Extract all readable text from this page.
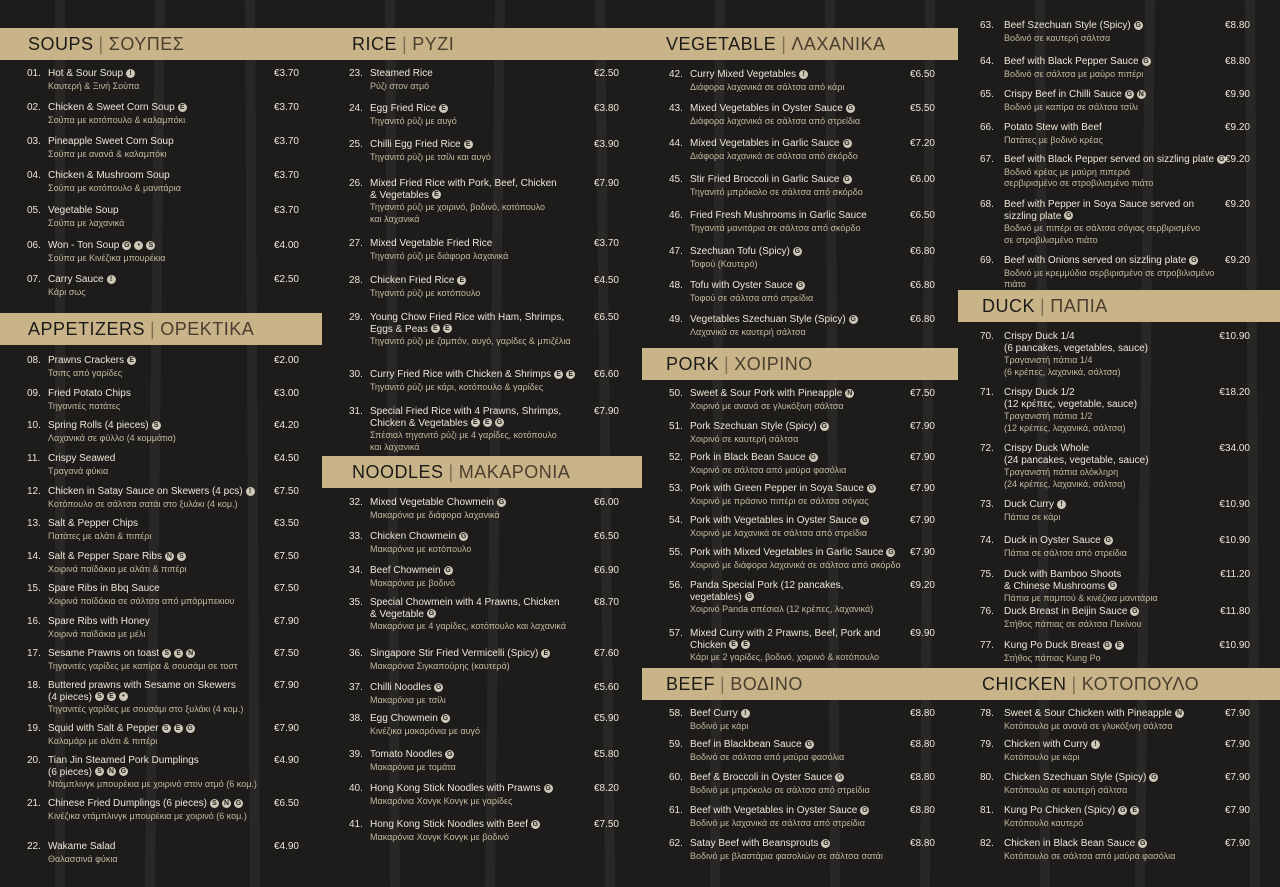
SOUPS | ΣΟΥΠΕΣ
01. Hot & Sour Soup !
Καυτερή & Ξινή Σούπα
€3.70
02. Chicken & Sweet Corn Soup E
Σούπα με κοτόπουλο & καλαμπόκι
€3.70
03. Pineapple Sweet Corn Soup
Σούπα με ανανά & καλαμπόκι
€3.70
04. Chicken & Mushroom Soup
Σούπα με κοτόπουλο & μανιτάρια
€3.70
05. Vegetable Soup
Σούπα με λαχανικά
€3.70
06. Won - Ton Soup G • S
Σούπα με Κινέζικα μπουρέκια
€4.00
07. Carry Sauce !
Κάρι σως
€2.50
APPETIZERS | ΟΡΕΚΤΙΚΑ
08. Prawns Crackers E
Τσιπς από γαρίδες
€2.00
09. Fried Potato Chips
Τηγανιτές πατάτες
€3.00
10. Spring Rolls (4 pieces) S
Λαχανικά σε φύλλο (4 κομμάτια)
€4.20
11. Crispy Seawed
Τραγανά φύκια
€4.50
12. Chicken in Satay Sauce on Skewers (4 pcs) !
Κοτόπουλο σε σάλτσα σατάι στο ξυλάκι (4 κομ.)
€7.50
13. Salt & Pepper Chips
Πατάτες με αλάτι & πιπέρι
€3.50
14. Salt & Pepper Spare Ribs N S
Χοιρινά παϊδάκια με αλάτι & πιπέρι
€7.50
15. Spare Ribs in Bbq Sauce
Χοιρινά παϊδάκια σε σάλτσα από μπάρμπεκιου
€7.50
16. Spare Ribs with Honey
Χοιρινά παϊδάκια με μέλι
€7.90
17. Sesame Prawns on toast S E N
Τηγανιτές γαρίδες με καπίρα & σουσάμι σε τοστ
€7.50
18. Buttered prawns with Sesame on Skewers
(4 pieces) S E •
Τηγανιτές γαρίδες με σουσάμι στο ξυλάκι (4 κομ.)
€7.90
19. Squid with Salt & Pepper S E G
Καλαμάρι με αλάτι & πιπέρι
€7.90
20. Tian Jin Steamed Pork Dumplings
(6 pieces) S N G
Ντάμπλινγκ μπουρέκια με χοιρινό στον ατμό (6 κομ.)
€4.90
21. Chinese Fried Dumplings (6 pieces) S N G
Κινέζικα ντάμπλινγκ μπουρέκια με χοιρινό (6 κομ.)
€6.50
22. Wakame Salad
Θαλασσινά φύκια
€4.90
RICE | ΡΥΖΙ
23. Steamed Rice
Ρύζι στον ατμό
€2.50
24. Egg Fried Rice E
Τηγανιτό ρύζι με αυγό
€3.80
25. Chilli Egg Fried Rice E
Τηγανιτό ρύζι με τσίλι και αυγό
€3.90
26. Mixed Fried Rice with Pork, Beef, Chicken
& Vegetables E
Τηγανιτό ρύζι με χοιρινό, βοδινό, κοτόπουλο
και λαχανικά
€7.90
27. Mixed Vegetable Fried Rice
Τηγανιτό ρύζι με διάφορα λαχανικά
€3.70
28. Chicken Fried Rice E
Τηγανιτό ρύζι με κοτόπουλο
€4.50
29. Young Chow Fried Rice with Ham, Shrimps,
Eggs & Peas E E
Τηγανιτό ρύζι με ζαμπόν, αυγό, γαρίδες & μπιζέλια
€6.50
30. Curry Fried Rice with Chicken & Shrimps E E
Τηγανιτό ρύζι με κάρι, κοτόπουλο & γαρίδες
€6.60
31. Special Fried Rice with 4 Prawns, Shrimps,
Chicken & Vegetables E E G
Σπέσιαλ τηγανιτό ρύζι με 4 γαρίδες, κοτόπουλο
και λαχανικά
€7.90
NOODLES | ΜΑΚΑΡΟΝΙΑ
32. Mixed Vegetable Chowmein G
Μακαρόνια με διάφορα λαχανικά
€6.00
33. Chicken Chowmein G
Μακαρόνια με κοτόπουλο
€6.50
34. Beef Chowmein G
Μακαρόνια με βοδινό
€6.90
35. Special Chowmein with 4 Prawns, Chicken
& Vegetable G
Μακαρόνια με 4 γαρίδες, κοτόπουλο και λαχανικά
€8.70
36. Singapore Stir Fried Vermicelli (Spicy) E
Μακαρόνια Σιγκαπούρης (καυτερά)
€7.60
37. Chilli Noodles G
Μακαρόνια με τσίλι
€5.60
38. Egg Chowmein G
Κινέζικα μακαρόνια με αυγό
€5.90
39. Tomato Noodles G
Μακαρόνια με τομάτα
€5.80
40. Hong Kong Stick Noodles with Prawns G
Μακαρόνια Χονγκ Κονγκ με γαρίδες
€8.20
41. Hong Kong Stick Noodles with Beef G
Μακαρόνια Χονγκ Κονγκ με βοδινό
€7.50
VEGETABLE | ΛΑΧΑΝΙΚΑ
42. Curry Mixed Vegetables !
Διάφορα λαχανικά σε σάλτσα από κάρι
€6.50
43. Mixed Vegetables in Oyster Sauce G
Διάφορα λαχανικά σε σάλτσα από στρείδια
€5.50
44. Mixed Vegetables in Garlic Sauce G
Διάφορα λαχανικά σε σάλτσα από σκόρδο
€7.20
45. Stir Fried Broccoli in Garlic Sauce G
Τηγανιτό μπρόκολο σε σάλτσα από σκόρδο
€6.00
46. Fried Fresh Mushrooms in Garlic Sauce
Τηγανιτά μανιτάρια σε σάλτσα από σκόρδο
€6.50
47. Szechuan Tofu (Spicy) G
Τοφού (Καυτερό)
€6.80
48. Tofu with Oyster Sauce G
Τοφού σε σάλτσα από στρείδια
€6.80
49. Vegetables Szechuan Style (Spicy) G
Λαχανικά σε καυτερή σάλτσα
€6.80
PORK | ΧΟΙΡΙΝΟ
50. Sweet & Sour Pork with Pineapple N
Χοιρινό με ανανά σε γλυκόξινη σάλτσα
€7.50
51. Pork Szechuan Style (Spicy) G
Χοιρινό σε καυτερή σάλτσα
€7.90
52. Pork in Black Bean Sauce G
Χοιρινό σε σάλτσα από μαύρα φασόλια
€7.90
53. Pork with Green Pepper in Soya Sauce G
Χοιρινό με πράσινο πιπέρι σε σάλτσα σόγιας
€7.90
54. Pork with Vegetables in Oyster Sauce G
Χοιρινό με λαχανικά σε σάλτσα από στρείδια
€7.90
55. Pork with Mixed Vegetables in Garlic Sauce G
Χοιρινό με διάφορα λαχανικά σε σάλτσα από σκόρδο
€7.90
56. Panda Special Pork (12 pancakes,
vegetables) G
Χοιρινό Panda σπέσιαλ (12 κρέπες, λαχανικά)
€9.20
57. Mixed Curry with 2 Prawns, Beef, Pork and
Chicken E E
Κάρι με 2 γαρίδες, βοδινό, χοιρινό & κοτόπουλο
€9.90
BEEF | ΒΟΔΙΝΟ
58. Beef Curry !
Βοδινό με κάρι
€8.80
59. Beef in Blackbean Sauce G
Βοδινό σε σάλτσα από μαύρα φασόλια
€8.80
60. Beef & Broccoli in Oyster Sauce G
Βοδινό με μπρόκολο σε σάλτσα από στρείδια
€8.80
61. Beef with Vegetables in Oyster Sauce G
Βοδινό με λαχανικά σε σάλτσα από στρείδια
€8.80
62. Satay Beef with Beansprouts G
Βοδινό με βλαστάρια φασολιών σε σάλτσα σατάι
€8.80
63. Beef Szechuan Style (Spicy) G
Βοδινό σε καυτερή σάλτσα
€8.80
64. Beef with Black Pepper Sauce G
Βοδινό σε σάλτσα με μαύρο πιπέρι
€8.80
65. Crispy Beef in Chilli Sauce G N
Βοδινό με καπίρα σε σάλτσα τσίλι
€9.90
66. Potato Stew with Beef
Πατάτες με βοδινό κρέας
€9.20
67. Beef with Black Pepper served on sizzling plate G
Βοδινό κρέας με μαύρη πιπεριά
σερβιρισμένο σε στροβιλισμένο πιάτο
€9.20
68. Beef with Pepper in Soya Sauce served on
sizzling plate G
Βοδινό με πιπέρι σε σάλτσα σόγιας σερβιρισμένο
σε στροβιλισμένο πιάτο
€9.20
69. Beef with Onions served on sizzling plate G
Βοδινό με κρεμμύδια σερβιρισμένο σε στροβιλισμένο πιάτο
€9.20
DUCK | ΠΑΠΙΑ
70. Crispy Duck 1/4
(6 pancakes, vegetables, sauce)
Τραγανιστή πάπια 1/4
(6 κρέπες, λαχανικά, σάλτσα)
€10.90
71. Crispy Duck 1/2
(12 κρέπες, vegetable, sauce)
Τραγανιστή πάπια 1/2
(12 κρέπες, λαχανικά, σάλτσα)
€18.20
72. Crispy Duck Whole
(24 pancakes, vegetable, sauce)
Τραγανιστή πάπια ολόκληρη
(24 κρέπες, λαχανικά, σάλτσα)
€34.00
73. Duck Curry !
Πάπια σε κάρι
€10.90
74. Duck in Oyster Sauce G
Πάπια σε σάλτσα από στρείδια
€10.90
75. Duck with Bamboo Shoots
& Chinese Mushrooms G
Πάπια με παμπού & κινέζικα μανιτάρια
€11.20
76. Duck Breast in Beijin Sauce G
Στήθος πάπιας σε σάλτσα Πεκίνου
€11.80
77. Kung Po Duck Breast G E
Στήθος πάπιας Kung Po
€10.90
CHICKEN | ΚΟΤΟΠΟΥΛΟ
78. Sweet & Sour Chicken with Pineapple N
Κοτόπουλο με ανανά σε γλυκόξινη σάλτσα
€7.90
79. Chicken with Curry !
Κοτόπουλο με κάρι
€7.90
80. Chicken Szechuan Style (Spicy) G
Κοτόπουλο σε καυτερή σάλτσα
€7.90
81. Kung Po Chicken (Spicy) G E
Κοτόπουλο καυτερό
€7.90
82. Chicken in Black Bean Sauce G
Κοτόπουλο σε σάλτσα από μαύρα φασόλια
€7.90
